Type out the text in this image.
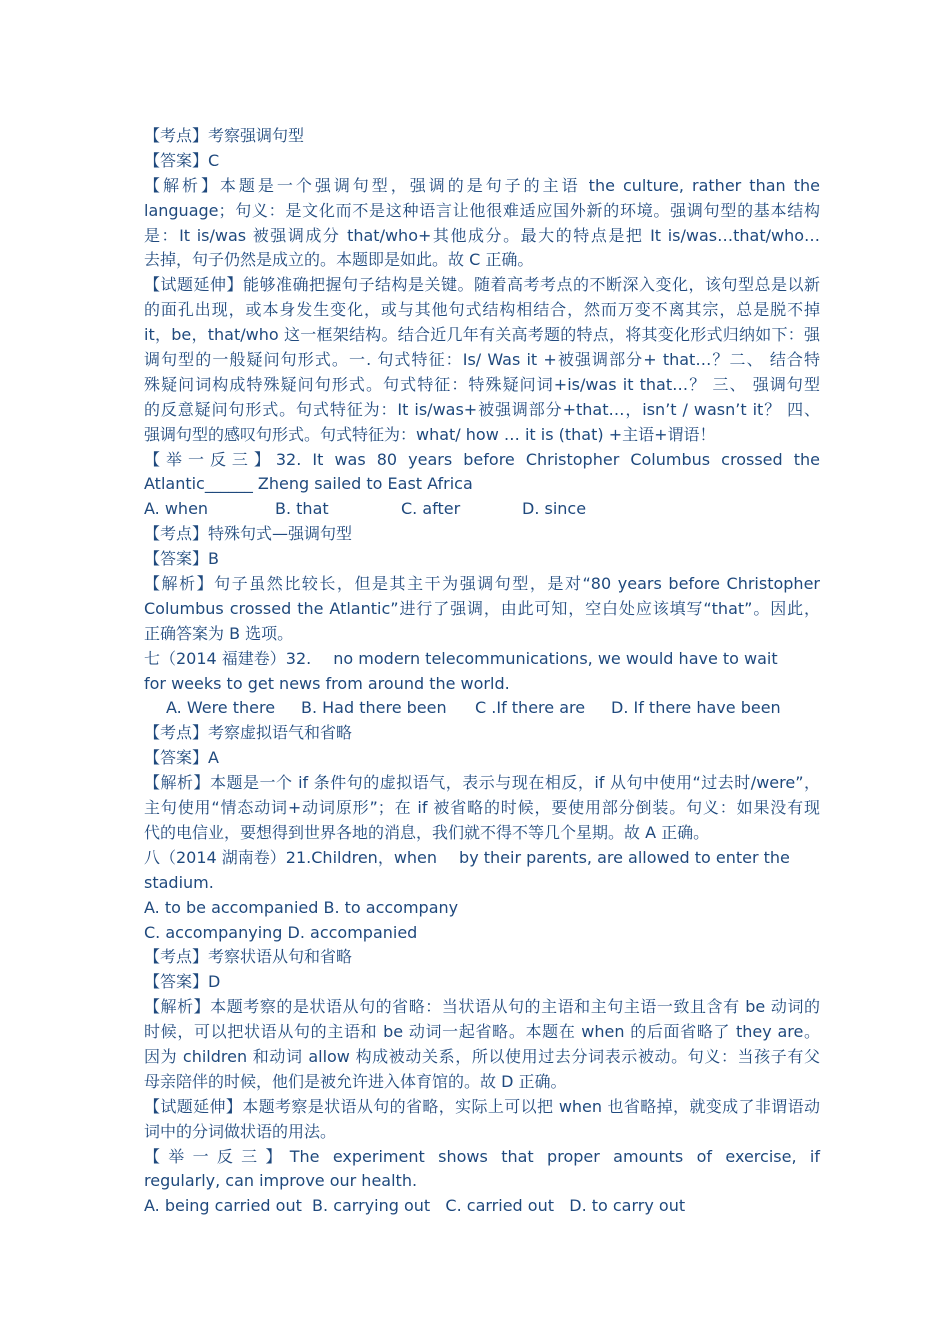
【考点】考察强调句型
【答案】C
【解析】本题是一个强调句型，强调的是句子的主语 the culture, rather than the
language；句义：是文化而不是这种语言让他很难适应国外新的环境。强调句型的基本结构
是：It is/was 被强调成分 that/who+其他成分。最大的特点是把 It is/was…that/who…
去掉，句子仍然是成立的。本题即是如此。故 C 正确。
【试题延伸】能够准确把握句子结构是关键。随着高考考点的不断深入变化，该句型总是以新
的面孔出现，或本身发生变化，或与其他句式结构相结合，然而万变不离其宗，总是脱不掉
it，be，that/who 这一框架结构。结合近几年有关高考题的特点，将其变化形式归纳如下：强
调句型的一般疑问句形式。一. 句式特征：Is/ Was it +被强调部分+ that…？二、 结合特
殊疑问词构成特殊疑问句形式。句式特征：特殊疑问词+is/was it that…？ 三、 强调句型
的反意疑问句形式。句式特征为：It is/was+被强调部分+that…，isn’t / wasn’t it？ 四、
强调句型的感叹句形式。句式特征为：what/ how … it is (that) +主语+谓语！
【举一反三】32. It was 80 years before Christopher Columbus crossed the
Atlantic______ Zheng sailed to East Africa
A. when	B. that	C. after	D. since
【考点】特殊句式—强调句型
【答案】B
【解析】句子虽然比较长，但是其主干为强调句型，是对“80 years before Christopher
Columbus crossed the Atlantic”进行了强调，由此可知，空白处应该填写“that”。因此，
正确答案为 B 选项。
七（2014 福建卷）32. no modern telecommunications, we would have to wait
for weeks to get news from around the world.
A. Were there B. Had there been C .If there are D. If there have been
【考点】考察虚拟语气和省略
【答案】A
【解析】本题是一个 if 条件句的虚拟语气，表示与现在相反，if 从句中使用“过去时/were”，
主句使用“情态动词+动词原形”；在 if 被省略的时候，要使用部分倒装。句义：如果没有现
代的电信业，要想得到世界各地的消息，我们就不得不等几个星期。故 A 正确。
八（2014 湖南卷）21.Children，when by their parents, are allowed to enter the
stadium.
A. to be accompanied B. to accompany
C. accompanying D. accompanied
【考点】考察状语从句和省略
【答案】D
【解析】本题考察的是状语从句的省略：当状语从句的主语和主句主语一致且含有 be 动词的
时候，可以把状语从句的主语和 be 动词一起省略。本题在 when 的后面省略了 they are。
因为 children 和动词 allow 构成被动关系，所以使用过去分词表示被动。句义：当孩子有父
母亲陪伴的时候，他们是被允许进入体育馆的。故 D 正确。
【试题延伸】本题考察是状语从句的省略，实际上可以把 when 也省略掉，就变成了非谓语动
词中的分词做状语的用法。
【举一反三】The experiment shows that proper amounts of exercise, if
regularly, can improve our health.
A. being carried out  B. carrying out   C. carried out   D. to carry out
